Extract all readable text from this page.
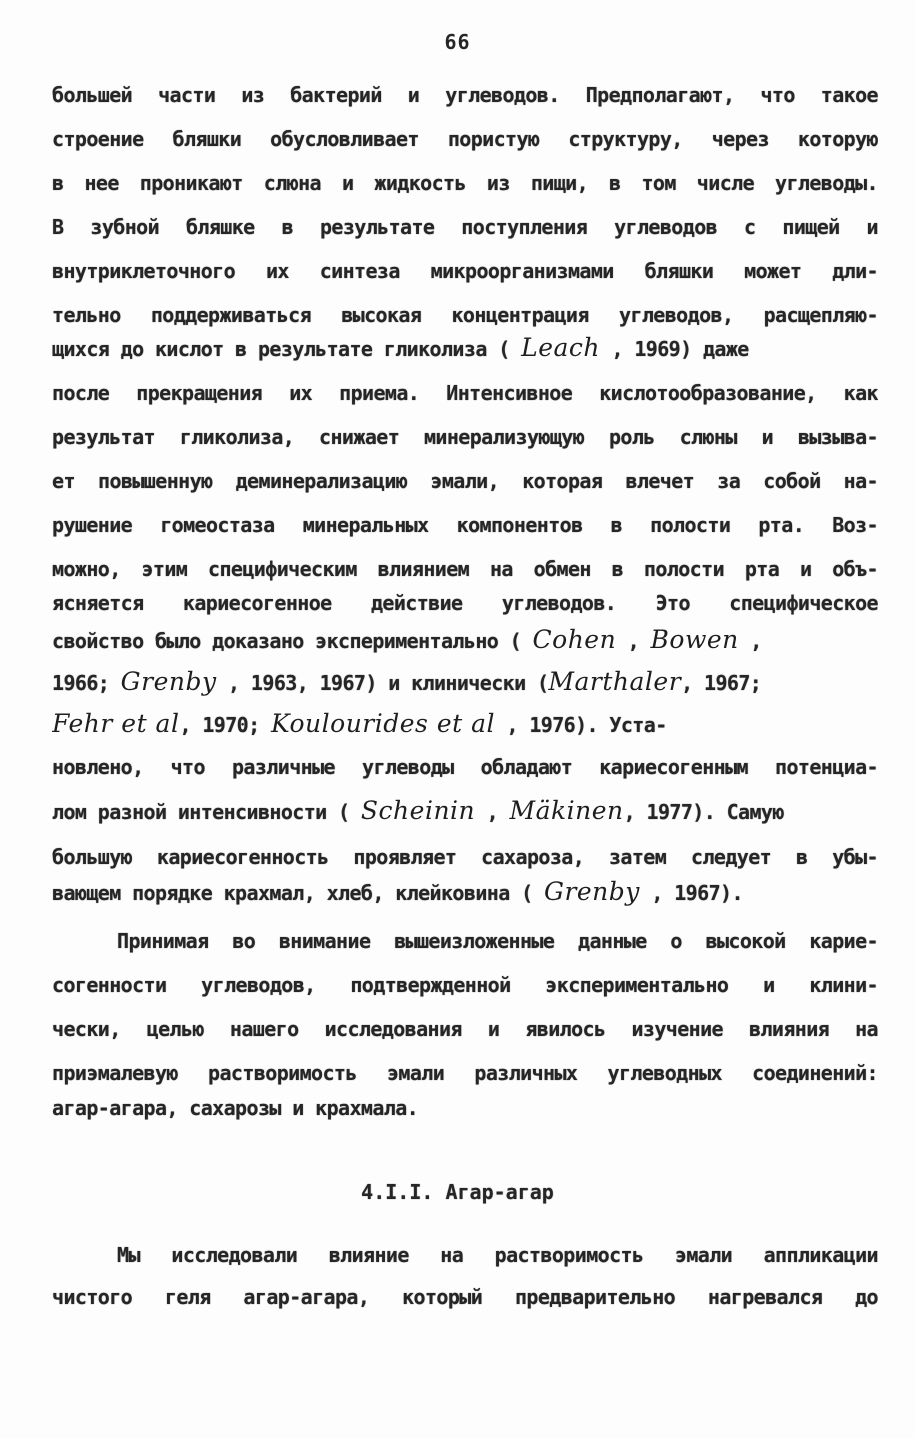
66
большей части из бактерий и углеводов. Предполагают, что такое
строение бляшки обусловливает пористую структуру, через которую
в нее проникают слюна и жидкость из пищи, в том числе углеводы.
В зубной бляшке в результате поступления углеводов с пищей и
внутриклеточного их синтеза микроорганизмами бляшки может дли-
тельно поддерживаться высокая концентрация углеводов, расщепляю-
щихся до кислот в результате гликолиза ( Leach , 1969) даже
после прекращения их приема. Интенсивное кислотообразование, как
результат гликолиза, снижает минерализующую роль слюны и вызыва-
ет повышенную деминерализацию эмали, которая влечет за собой на-
рушение гомеостаза минеральных компонентов в полости рта. Воз-
можно, этим специфическим влиянием на обмен в полости рта и объ-
ясняется кариесогенное действие углеводов. Это специфическое
свойство было доказано экспериментально ( Cohen , Bowen ,
1966; Grenby , 1963, 1967) и клинически (Marthaler, 1967;
Fehr et al, 1970; Koulourides et al , 1976). Уста-
новлено, что различные углеводы обладают кариесогенным потенциа-
лом разной интенсивности ( Scheinin , Mäkinen, 1977). Самую
большую кариесогенность проявляет сахароза, затем следует в убы-
вающем порядке крахмал, хлеб, клейковина ( Grenby , 1967).
Принимая во внимание вышеизложенные данные о высокой карие-
согенности углеводов, подтвержденной экспериментально и клини-
чески, целью нашего исследования и явилось изучение влияния на
приэмалевую растворимость эмали различных углеводных соединений:
агар-агара, сахарозы и крахмала.
4.I.I. Агар-агар
Мы исследовали влияние на растворимость эмали аппликации
чистого геля агар-агара, который предварительно нагревался до
